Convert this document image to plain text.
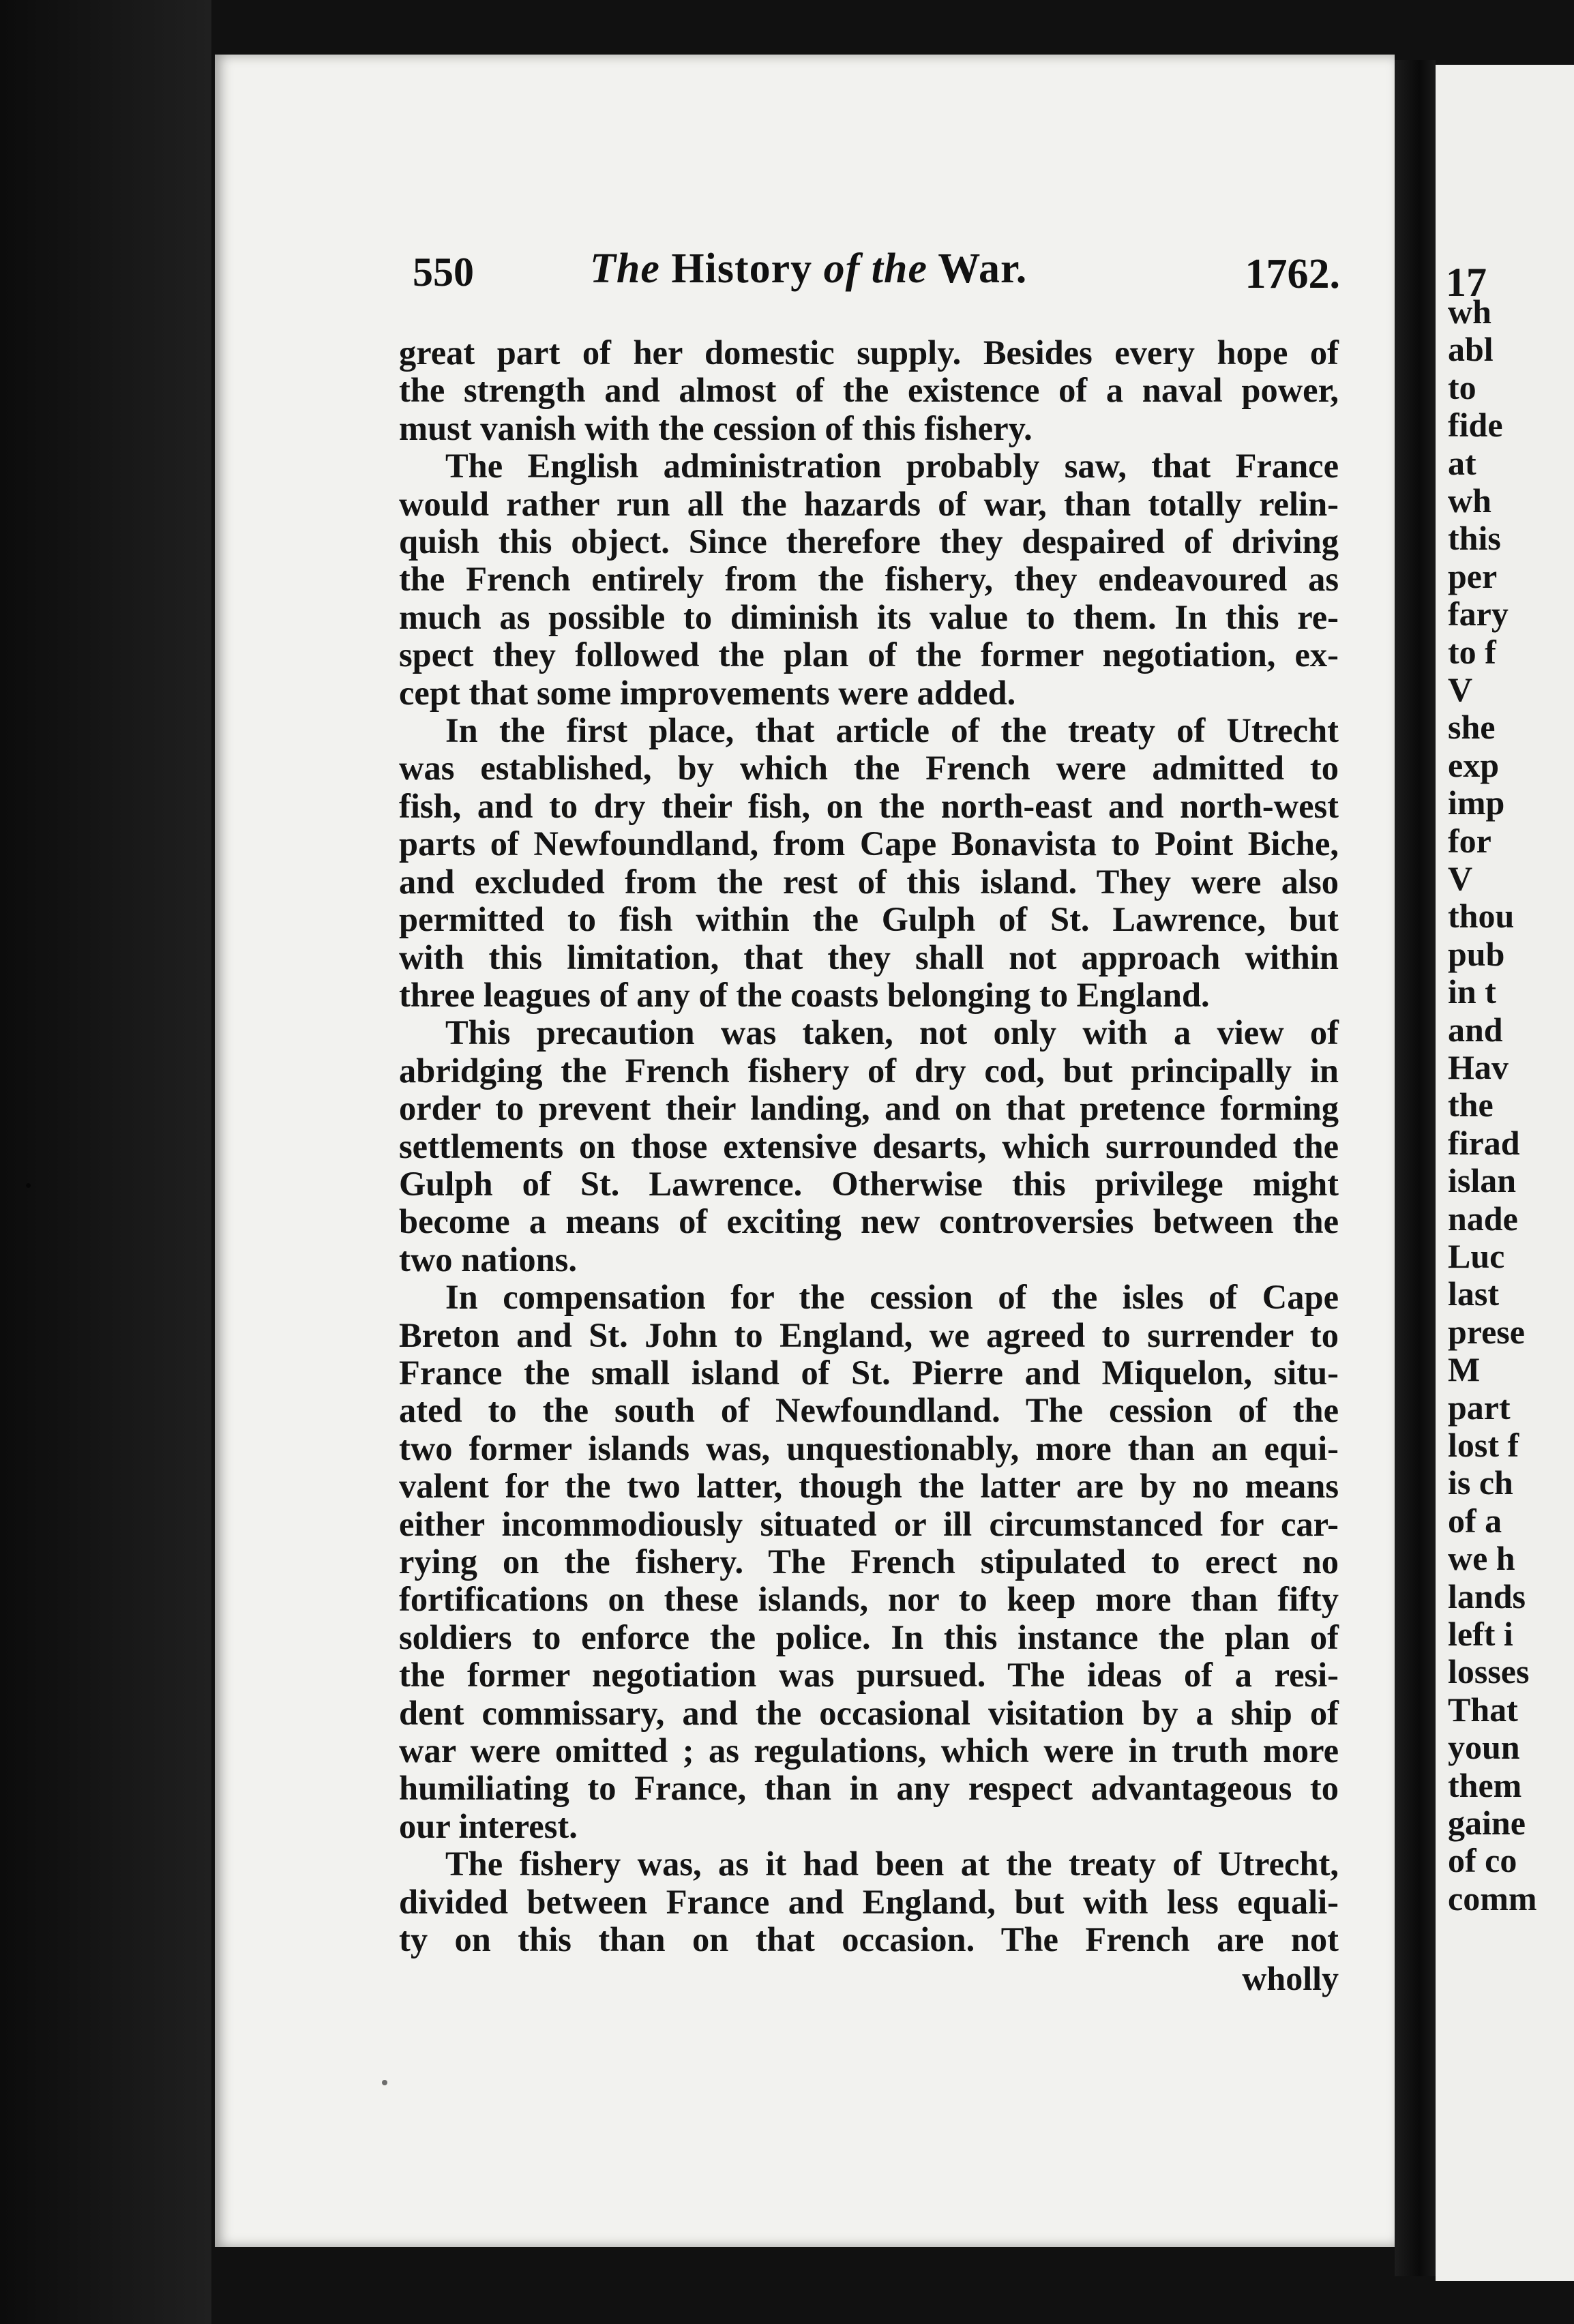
550	The History of the War.	1762.

great part of her domestic supply. Besides every hope of
the strength and almost of the existence of a naval power,
must vanish with the cession of this fishery.

The English administration probably saw, that France
would rather run all the hazards of war, than totally relin-
quish this object. Since therefore they despaired of driving
the French entirely from the fishery, they endeavoured as
much as possible to diminish its value to them. In this re-
spect they followed the plan of the former negotiation, ex-
cept that some improvements were added.

In the first place, that article of the treaty of Utrecht
was established, by which the French were admitted to
fish, and to dry their fish, on the north-east and north-west
parts of Newfoundland, from Cape Bonavista to Point Biche,
and excluded from the rest of this island. They were also
permitted to fish within the Gulph of St. Lawrence, but
with this limitation, that they shall not approach within
three leagues of any of the coasts belonging to England.

This precaution was taken, not only with a view of
abridging the French fishery of dry cod, but principally in
order to prevent their landing, and on that pretence forming
settlements on those extensive desarts, which surrounded the
Gulph of St. Lawrence. Otherwise this privilege might
become a means of exciting new controversies between the
two nations.

In compensation for the cession of the isles of Cape
Breton and St. John to England, we agreed to surrender to
France the small island of St. Pierre and Miquelon, situ-
ated to the south of Newfoundland. The cession of the
two former islands was, unquestionably, more than an equi-
valent for the two latter, though the latter are by no means
either incommodiously situated or ill circumstanced for car-
rying on the fishery. The French stipulated to erect no
fortifications on these islands, nor to keep more than fifty
soldiers to enforce the police. In this instance the plan of
the former negotiation was pursued. The ideas of a resi-
dent commissary, and the occasional visitation by a ship of
war were omitted ; as regulations, which were in truth more
humiliating to France, than in any respect advantageous to
our interest.

The fishery was, as it had been at the treaty of Utrecht,
divided between France and England, but with less equali-
ty on this than on that occasion. The French are not

wholly
17
wh
abl
to
fide
at
wh
this
per
fary
to f
V
she
exp
imp
for
V
thou
pub
in t
and
Hav
the
firad
islan
nade
Luc
last
prese
M
part
lost f
is ch
of a
we h
lands
left i
losses
That
youn
them
gaine
of co
comm
